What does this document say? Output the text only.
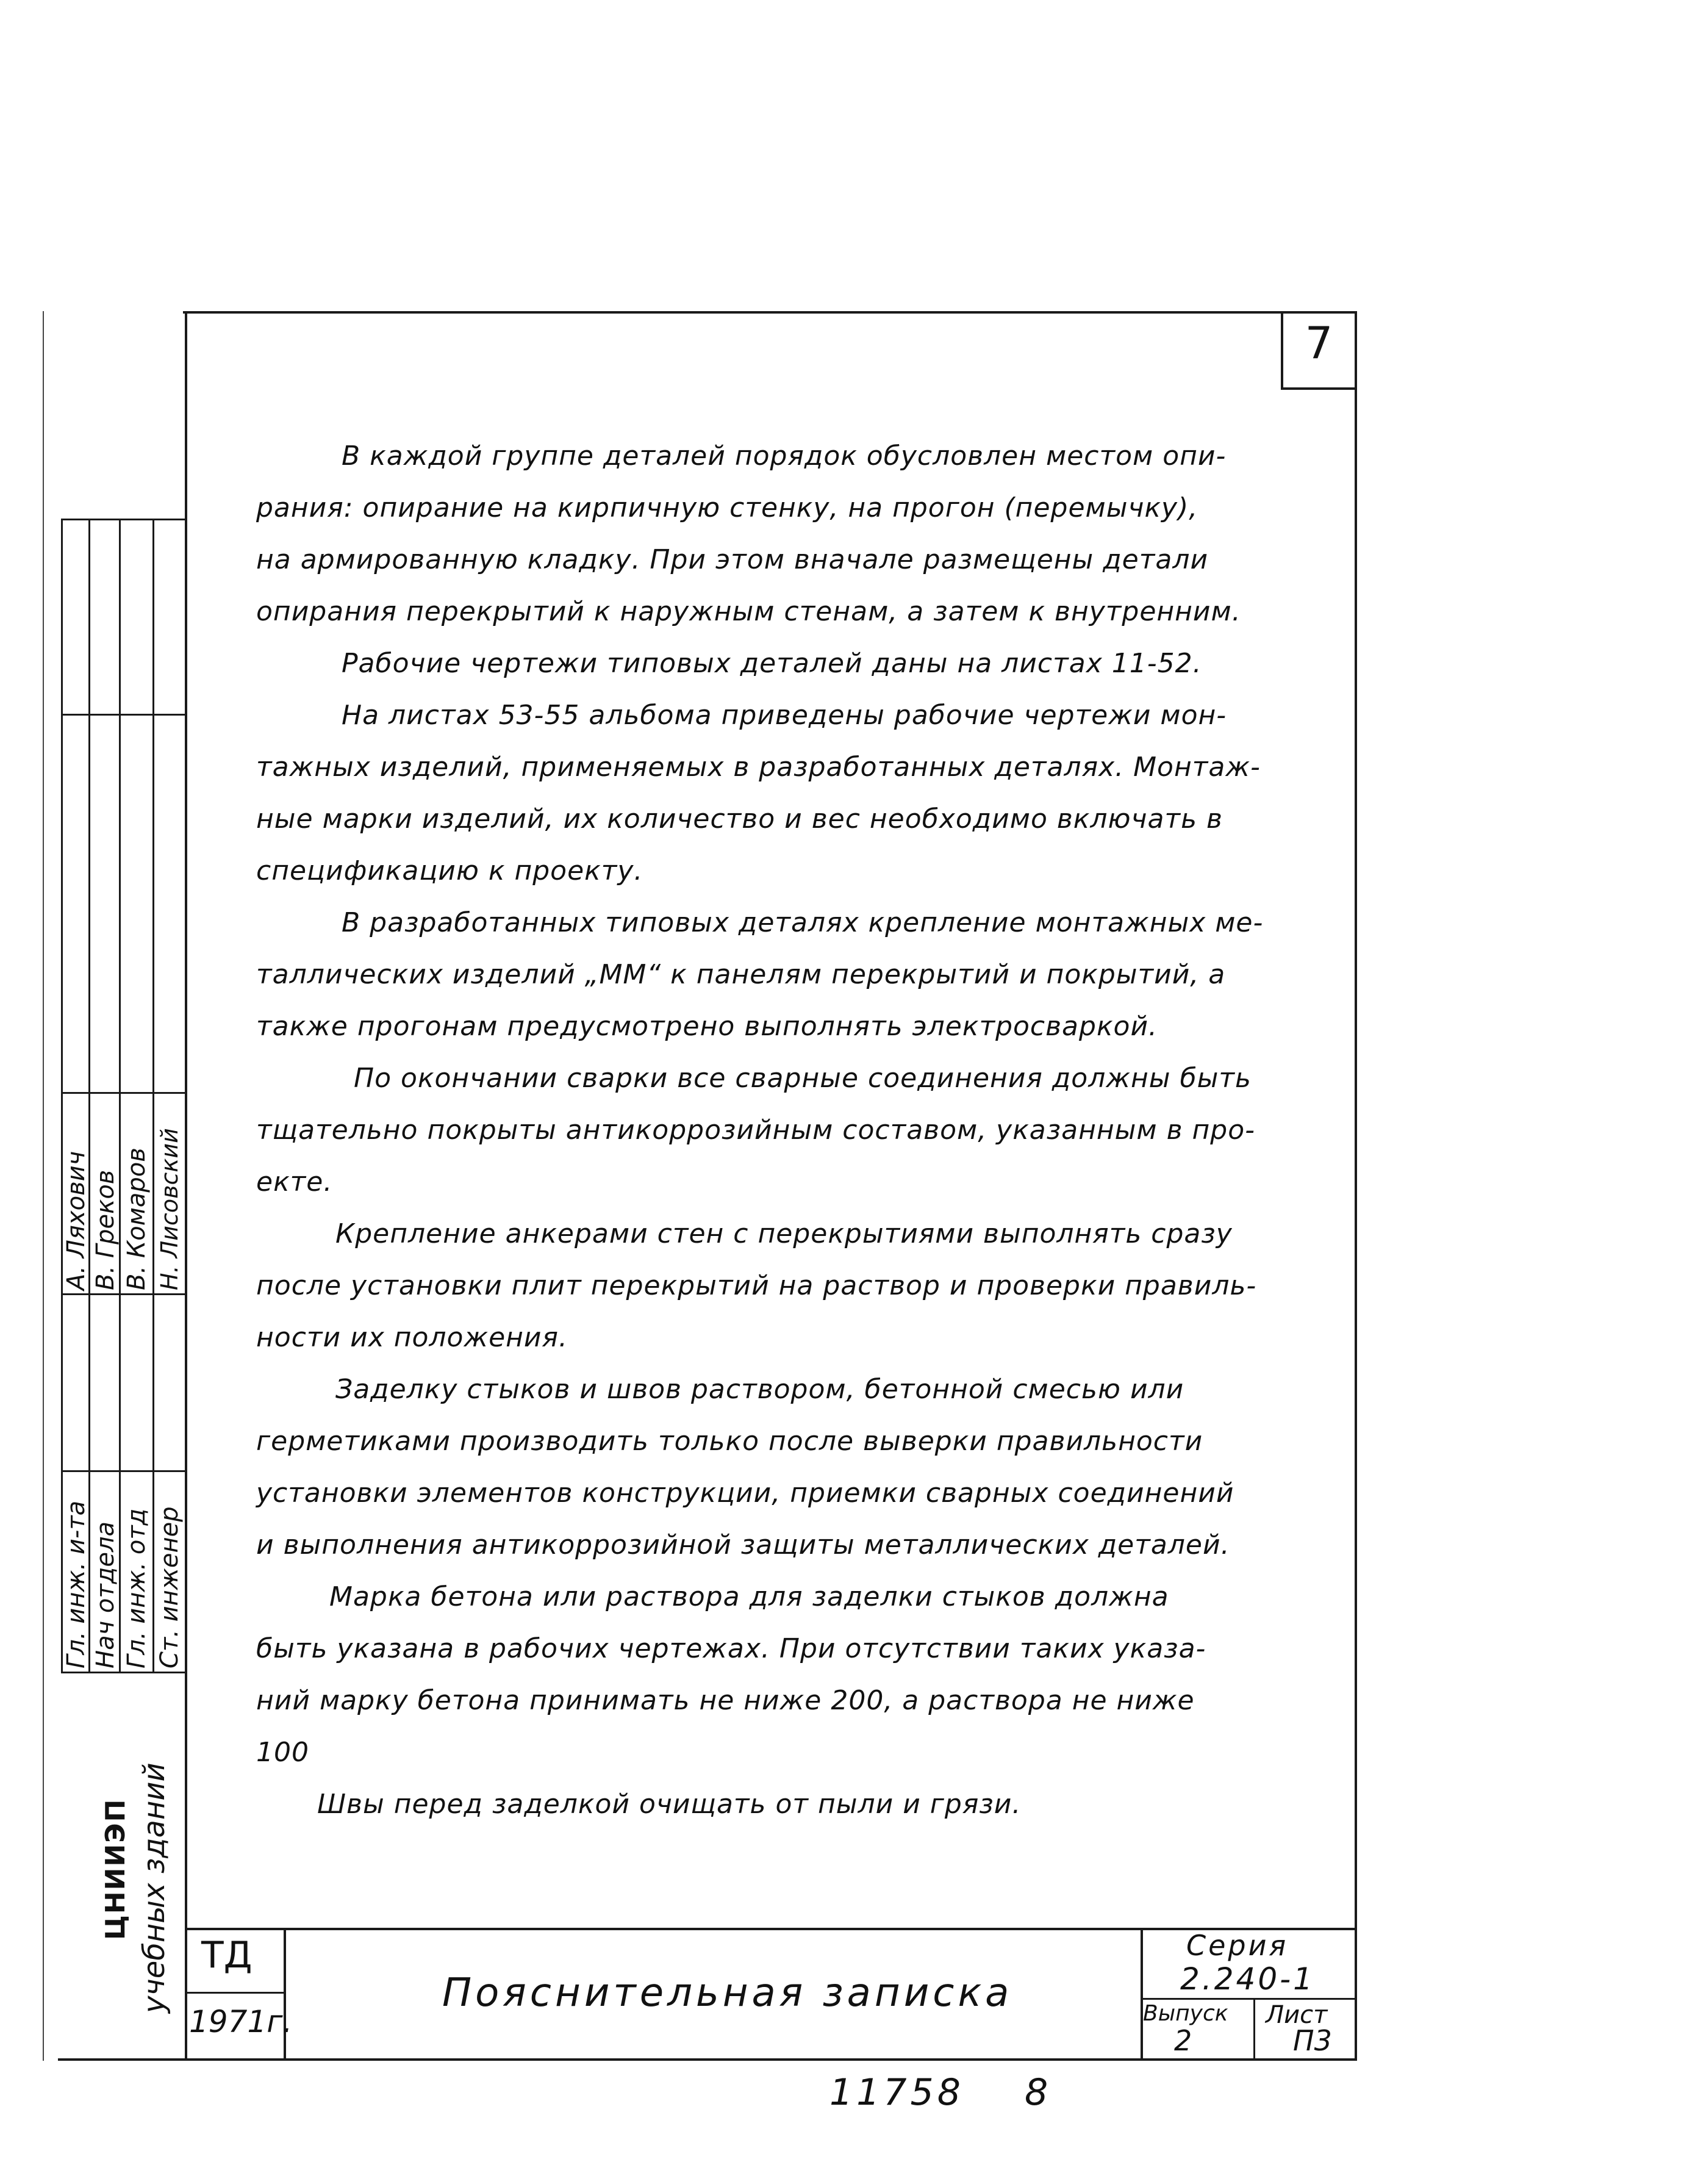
7

В каждой группе деталей порядок обусловлен местом опи-

рания: опирание на кирпичную стенку, на прогон (перемычку),

на армированную кладку. При этом вначале размещены детали

опирания перекрытий к наружным стенам, а затем к внутренним.

Рабочие чертежи типовых деталей даны на листах 11-52.

На листах 53-55 альбома приведены рабочие чертежи мон-

тажных изделий, применяемых в разработанных деталях. Монтаж-

ные марки изделий, их количество и вес необходимо включать в

спецификацию к проекту.

В разработанных типовых деталях крепление монтажных ме-

таллических изделий „ММ“ к панелям перекрытий и покрытий, а

также прогонам предусмотрено выполнять электросваркой.

По окончании сварки все сварные соединения должны быть

тщательно покрыты антикоррозийным составом, указанным в про-

екте.

Крепление анкерами стен с перекрытиями выполнять сразу

после установки плит перекрытий на раствор и проверки правиль-

ности их положения.

Заделку стыков и швов раствором, бетонной смесью или

герметиками производить только после выверки правильности

установки элементов конструкции, приемки сварных соединений

и выполнения антикоррозийной защиты металлических деталей.

Марка бетона или раствора для заделки стыков должна

быть указана в рабочих чертежах. При отсутствии таких указа-

ний марку бетона принимать не ниже 200, а раствора не ниже

100

Швы перед заделкой очищать от пыли и грязи.

А. Ляхович В. Греков В. Комаров Н. Лисовский
Гл. инж. и-та Нач отдела Гл. инж. отд Ст. инженер
ЦНИИЭП учебных зданий ТД
1971г.
Пояснительная записка
Серия
2.240-1
Выпуск
2
Лист
П3
11758 8
